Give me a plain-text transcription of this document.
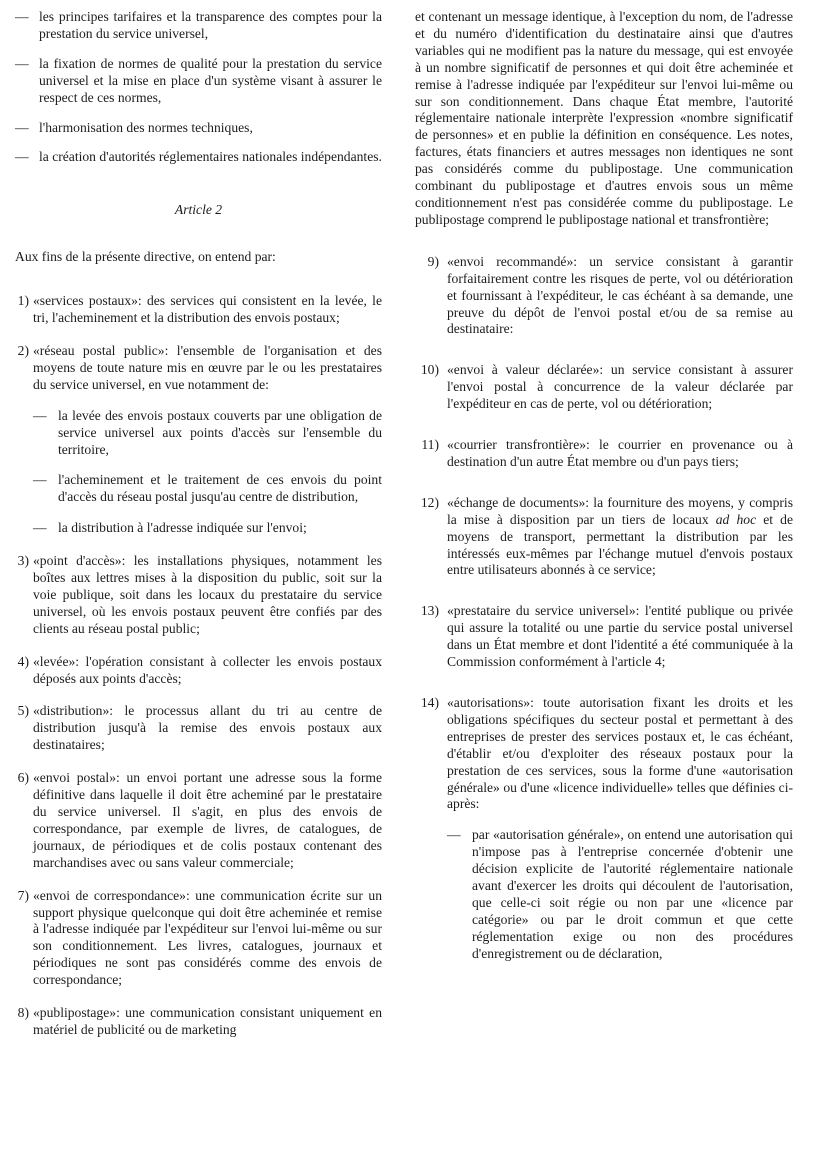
— les principes tarifaires et la transparence des comptes pour la prestation du service universel,

— la fixation de normes de qualité pour la prestation du service universel et la mise en place d'un système visant à assurer le respect de ces normes,

— l'harmonisation des normes techniques,

— la création d'autorités réglementaires nationales indépendantes.

Article 2

Aux fins de la présente directive, on entend par:

1) «services postaux»: des services qui consistent en la levée, le tri, l'acheminement et la distribution des envois postaux;

2) «réseau postal public»: l'ensemble de l'organisation et des moyens de toute nature mis en œuvre par le ou les prestataires du service universel, en vue notamment de:

— la levée des envois postaux couverts par une obligation de service universel aux points d'accès sur l'ensemble du territoire,

— l'acheminement et le traitement de ces envois du point d'accès du réseau postal jusqu'au centre de distribution,

— la distribution à l'adresse indiquée sur l'envoi;

3) «point d'accès»: les installations physiques, notamment les boîtes aux lettres mises à la disposition du public, soit sur la voie publique, soit dans les locaux du prestataire du service universel, où les envois postaux peuvent être confiés par des clients au réseau postal public;

4) «levée»: l'opération consistant à collecter les envois postaux déposés aux points d'accès;

5) «distribution»: le processus allant du tri au centre de distribution jusqu'à la remise des envois postaux aux destinataires;

6) «envoi postal»: un envoi portant une adresse sous la forme définitive dans laquelle il doit être acheminé par le prestataire du service universel. Il s'agit, en plus des envois de correspondance, par exemple de livres, de catalogues, de journaux, de périodiques et de colis postaux contenant des marchandises avec ou sans valeur commerciale;

7) «envoi de correspondance»: une communication écrite sur un support physique quelconque qui doit être acheminée et remise à l'adresse indiquée par l'expéditeur sur l'envoi lui-même ou sur son conditionnement. Les livres, catalogues, journaux et périodiques ne sont pas considérés comme des envois de correspondance;

8) «publipostage»: une communication consistant uniquement en matériel de publicité ou de marketing

et contenant un message identique, à l'exception du nom, de l'adresse et du numéro d'identification du destinataire ainsi que d'autres variables qui ne modifient pas la nature du message, qui est envoyée à un nombre significatif de personnes et qui doit être acheminée et remise à l'adresse indiquée par l'expéditeur sur l'envoi lui-même ou sur son conditionnement. Dans chaque État membre, l'autorité réglementaire nationale interprète l'expression «nombre significatif de personnes» et en publie la définition en conséquence. Les notes, factures, états financiers et autres messages non identiques ne sont pas considérés comme du publipostage. Une communication combinant du publipostage et d'autres envois sous un même conditionnement n'est pas considérée comme du publipostage. Le publipostage comprend le publipostage national et transfrontière;

9) «envoi recommandé»: un service consistant à garantir forfaitairement contre les risques de perte, vol ou détérioration et fournissant à l'expéditeur, le cas échéant à sa demande, une preuve du dépôt de l'envoi postal et/ou de sa remise au destinataire:

10) «envoi à valeur déclarée»: un service consistant à assurer l'envoi postal à concurrence de la valeur déclarée par l'expéditeur en cas de perte, vol ou détérioration;

11) «courrier transfrontière»: le courrier en provenance ou à destination d'un autre État membre ou d'un pays tiers;

12) «échange de documents»: la fourniture des moyens, y compris la mise à disposition par un tiers de locaux ad hoc et de moyens de transport, permettant la distribution par les intéressés eux-mêmes par l'échange mutuel d'envois postaux entre utilisateurs abonnés à ce service;

13) «prestataire du service universel»: l'entité publique ou privée qui assure la totalité ou une partie du service postal universel dans un État membre et dont l'identité a été communiquée à la Commission conformément à l'article 4;

14) «autorisations»: toute autorisation fixant les droits et les obligations spécifiques du secteur postal et permettant à des entreprises de prester des services postaux et, le cas échéant, d'établir et/ou d'exploiter des réseaux postaux pour la prestation de ces services, sous la forme d'une «autorisation générale» ou d'une «licence individuelle» telles que définies ci-après:

— par «autorisation générale», on entend une autorisation qui n'impose pas à l'entreprise concernée d'obtenir une décision explicite de l'autorité réglementaire nationale avant d'exercer les droits qui découlent de l'autorisation, que celle-ci soit régie ou non par une «licence par catégorie» ou par le droit commun et que cette réglementation exige ou non des procédures d'enregistrement ou de déclaration,
